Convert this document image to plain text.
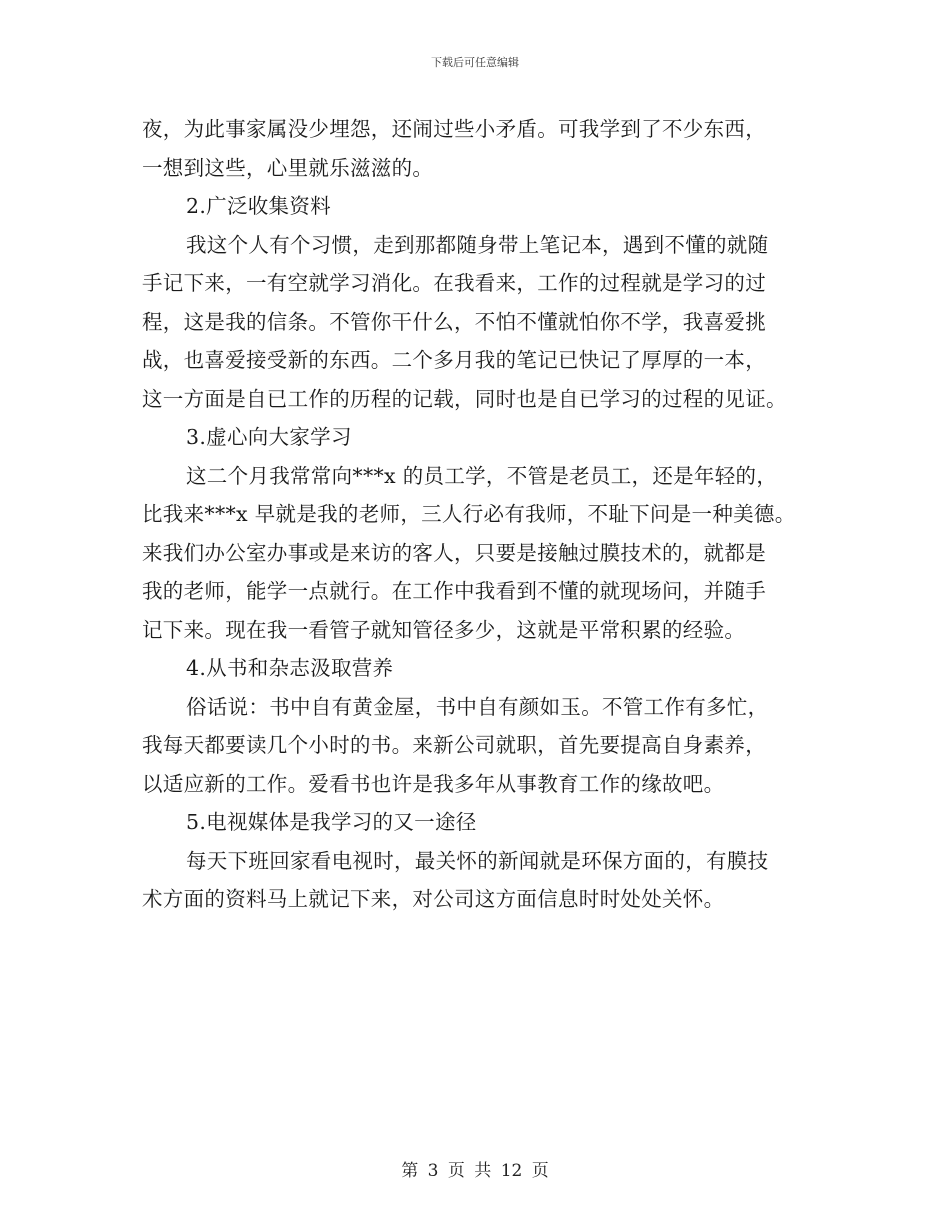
下载后可任意编辑
夜，为此事家属没少埋怨，还闹过些小矛盾。可我学到了不少东西，
一想到这些，心里就乐滋滋的。
2.广泛收集资料
我这个人有个习惯，走到那都随身带上笔记本，遇到不懂的就随
手记下来，一有空就学习消化。在我看来，工作的过程就是学习的过
程，这是我的信条。不管你干什么，不怕不懂就怕你不学，我喜爱挑
战，也喜爱接受新的东西。二个多月我的笔记已快记了厚厚的一本，
这一方面是自已工作的历程的记载，同时也是自已学习的过程的见证。
3.虚心向大家学习
这二个月我常常向***x 的员工学，不管是老员工，还是年轻的，
比我来***x 早就是我的老师，三人行必有我师，不耻下问是一种美德。
来我们办公室办事或是来访的客人，只要是接触过膜技术的，就都是
我的老师，能学一点就行。在工作中我看到不懂的就现场问，并随手
记下来。现在我一看管子就知管径多少，这就是平常积累的经验。
4.从书和杂志汲取营养
俗话说：书中自有黄金屋，书中自有颜如玉。不管工作有多忙，
我每天都要读几个小时的书。来新公司就职，首先要提高自身素养，
以适应新的工作。爱看书也许是我多年从事教育工作的缘故吧。
5.电视媒体是我学习的又一途径
每天下班回家看电视时，最关怀的新闻就是环保方面的，有膜技
术方面的资料马上就记下来，对公司这方面信息时时处处关怀。
第 3 页 共 12 页
